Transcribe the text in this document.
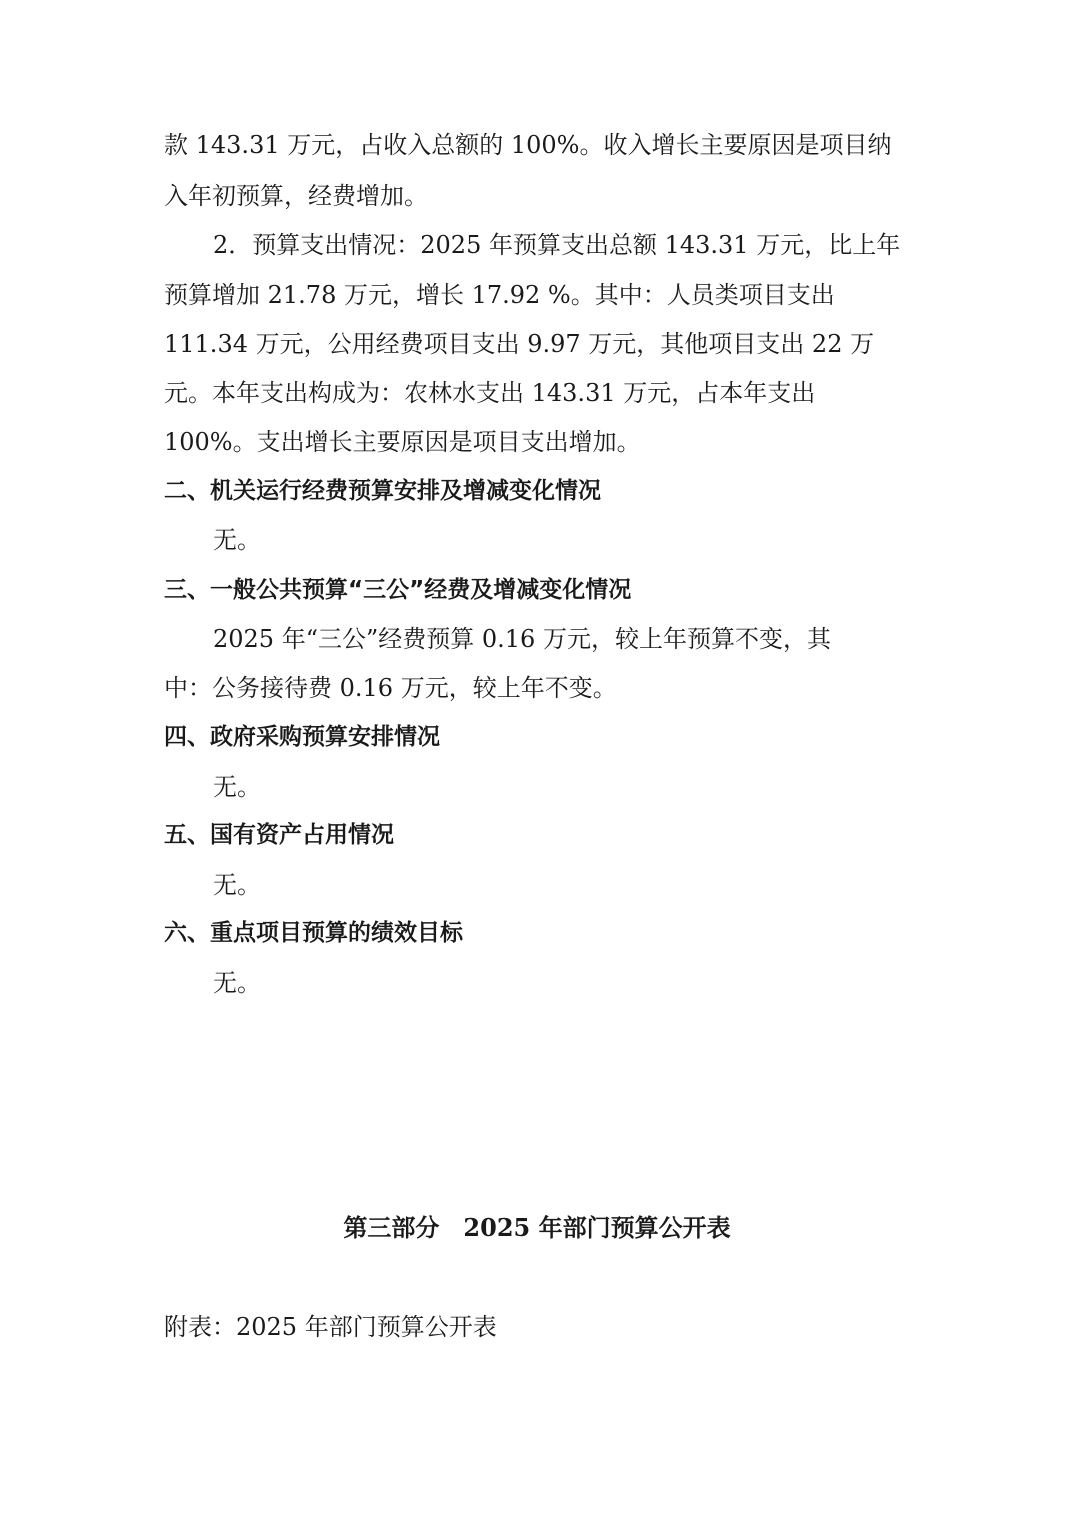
款 143.31 万元，占收入总额的 100%。收入增长主要原因是项目纳
入年初预算，经费增加。
2．预算支出情况：2025 年预算支出总额 143.31 万元，比上年
预算增加 21.78 万元，增长 17.92 %。其中：人员类项目支出
111.34 万元，公用经费项目支出 9.97 万元，其他项目支出 22 万
元。本年支出构成为：农林水支出 143.31 万元，占本年支出
100%。支出增长主要原因是项目支出增加。
二、机关运行经费预算安排及增减变化情况
无。
三、一般公共预算“三公”经费及增减变化情况
2025 年“三公”经费预算 0.16 万元，较上年预算不变，其
中：公务接待费 0.16 万元，较上年不变。
四、政府采购预算安排情况
无。
五、国有资产占用情况
无。
六、重点项目预算的绩效目标
无。
第三部分　2025 年部门预算公开表
附表：2025 年部门预算公开表
